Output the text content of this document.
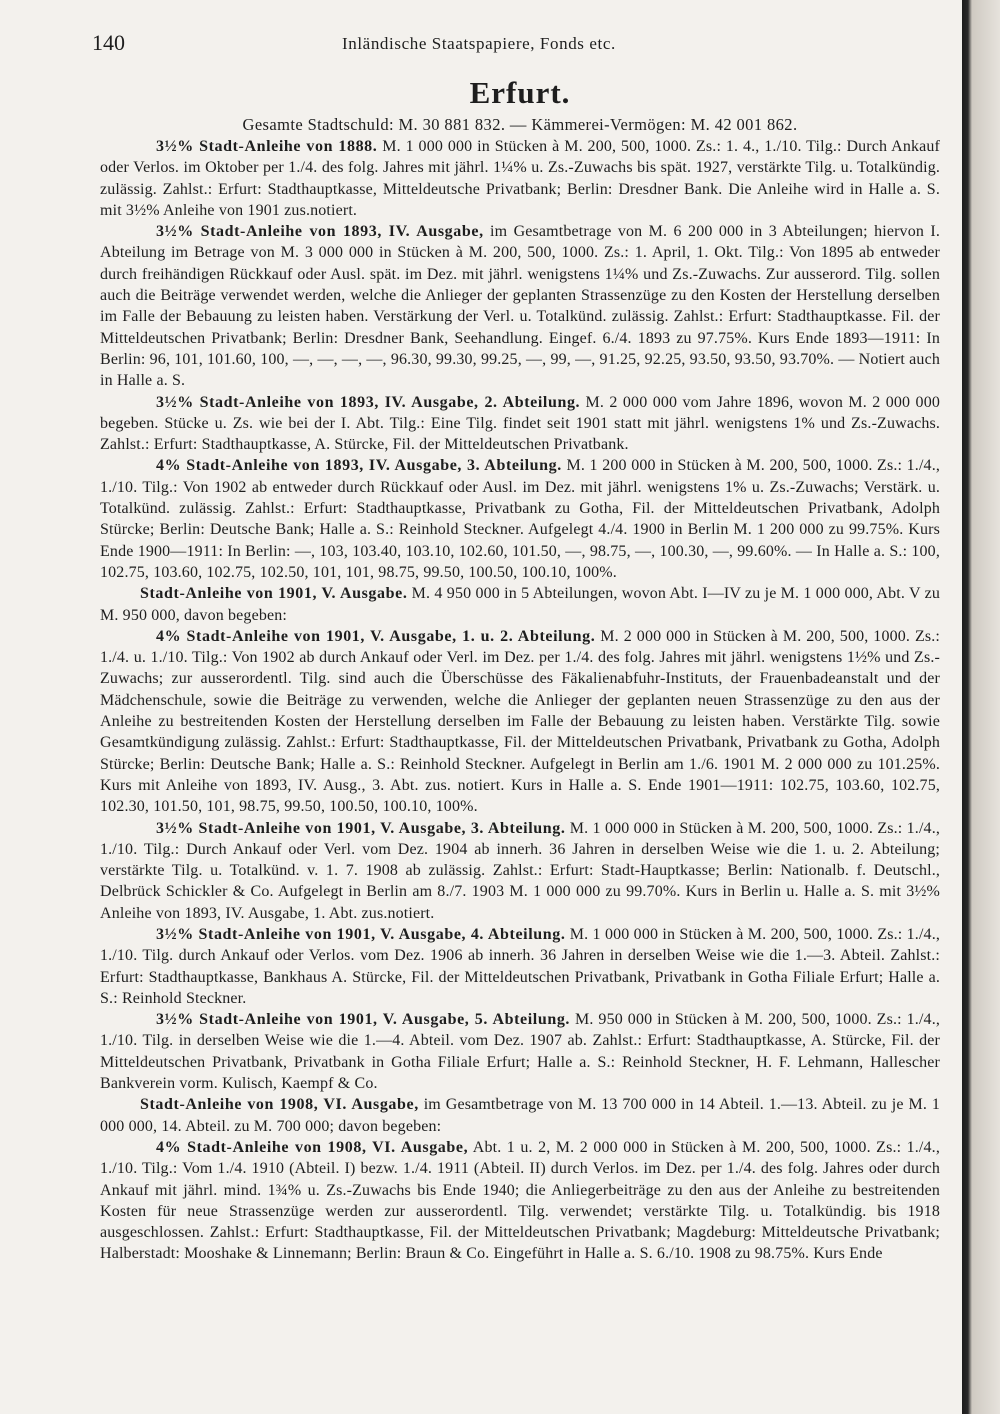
140	Inländische Staatspapiere, Fonds etc.
Erfurt.
Gesamte Stadtschuld: M. 30 881 832. — Kämmerei-Vermögen: M. 42 001 862.

3½% Stadt-Anleihe von 1888. M. 1 000 000 in Stücken à M. 200, 500, 1000. Zs.: 1. 4., 1./10. Tilg.: Durch Ankauf oder Verlos. im Oktober per 1./4. des folg. Jahres mit jährl. 1¼% u. Zs.-Zuwachs bis spät. 1927, verstärkte Tilg. u. Totalkündig. zulässig. Zahlst.: Erfurt: Stadthauptkasse, Mitteldeutsche Privatbank; Berlin: Dresdner Bank. Die Anleihe wird in Halle a. S. mit 3½% Anleihe von 1901 zus.notiert.

3½% Stadt-Anleihe von 1893, IV. Ausgabe, im Gesamtbetrage von M. 6 200 000 in 3 Abteilungen; hiervon I. Abteilung im Betrage von M. 3 000 000 in Stücken à M. 200, 500, 1000. Zs.: 1. April, 1. Okt. Tilg.: Von 1895 ab entweder durch freihändigen Rückkauf oder Ausl. spät. im Dez. mit jährl. wenigstens 1¼% und Zs.-Zuwachs. Zur ausserord. Tilg. sollen auch die Beiträge verwendet werden, welche die Anlieger der geplanten Strassenzüge zu den Kosten der Herstellung derselben im Falle der Bebauung zu leisten haben. Verstärkung der Verl. u. Totalkünd. zulässig. Zahlst.: Erfurt: Stadthauptkasse. Fil. der Mitteldeutschen Privatbank; Berlin: Dresdner Bank, Seehandlung. Eingef. 6./4. 1893 zu 97.75%. Kurs Ende 1893—1911: In Berlin: 96, 101, 101.60, 100, —, —, —, —, 96.30, 99.30, 99.25, —, 99, —, 91.25, 92.25, 93.50, 93.50, 93.70%. — Notiert auch in Halle a. S.

3½% Stadt-Anleihe von 1893, IV. Ausgabe, 2. Abteilung. M. 2 000 000 vom Jahre 1896, wovon M. 2 000 000 begeben. Stücke u. Zs. wie bei der I. Abt. Tilg.: Eine Tilg. findet seit 1901 statt mit jährl. wenigstens 1% und Zs.-Zuwachs. Zahlst.: Erfurt: Stadthauptkasse, A. Stürcke, Fil. der Mitteldeutschen Privatbank.

4% Stadt-Anleihe von 1893, IV. Ausgabe, 3. Abteilung. M. 1 200 000 in Stücken à M. 200, 500, 1000. Zs.: 1./4., 1./10. Tilg.: Von 1902 ab entweder durch Rückkauf oder Ausl. im Dez. mit jährl. wenigstens 1% u. Zs.-Zuwachs; Verstärk. u. Totalkünd. zulässig. Zahlst.: Erfurt: Stadthauptkasse, Privatbank zu Gotha, Fil. der Mitteldeutschen Privatbank, Adolph Stürcke; Berlin: Deutsche Bank; Halle a. S.: Reinhold Steckner. Aufgelegt 4./4. 1900 in Berlin M. 1 200 000 zu 99.75%. Kurs Ende 1900—1911: In Berlin: —, 103, 103.40, 103.10, 102.60, 101.50, —, 98.75, —, 100.30, —, 99.60%. — In Halle a. S.: 100, 102.75, 103.60, 102.75, 102.50, 101, 101, 98.75, 99.50, 100.50, 100.10, 100%.

Stadt-Anleihe von 1901, V. Ausgabe. M. 4 950 000 in 5 Abteilungen, wovon Abt. I—IV zu je M. 1 000 000, Abt. V zu M. 950 000, davon begeben:

4% Stadt-Anleihe von 1901, V. Ausgabe, 1. u. 2. Abteilung. M. 2 000 000 in Stücken à M. 200, 500, 1000. Zs.: 1./4. u. 1./10. Tilg.: Von 1902 ab durch Ankauf oder Verl. im Dez. per 1./4. des folg. Jahres mit jährl. wenigstens 1½% und Zs.-Zuwachs; zur ausserordentl. Tilg. sind auch die Überschüsse des Fäkalienabfuhr-Instituts, der Frauenbadeanstalt und der Mädchenschule, sowie die Beiträge zu verwenden, welche die Anlieger der geplanten neuen Strassenzüge zu den aus der Anleihe zu bestreitenden Kosten der Herstellung derselben im Falle der Bebauung zu leisten haben. Verstärkte Tilg. sowie Gesamtkündigung zulässig. Zahlst.: Erfurt: Stadthauptkasse, Fil. der Mitteldeutschen Privatbank, Privatbank zu Gotha, Adolph Stürcke; Berlin: Deutsche Bank; Halle a. S.: Reinhold Steckner. Aufgelegt in Berlin am 1./6. 1901 M. 2 000 000 zu 101.25%. Kurs mit Anleihe von 1893, IV. Ausg., 3. Abt. zus. notiert. Kurs in Halle a. S. Ende 1901—1911: 102.75, 103.60, 102.75, 102.30, 101.50, 101, 98.75, 99.50, 100.50, 100.10, 100%.

3½% Stadt-Anleihe von 1901, V. Ausgabe, 3. Abteilung. M. 1 000 000 in Stücken à M. 200, 500, 1000. Zs.: 1./4., 1./10. Tilg.: Durch Ankauf oder Verl. vom Dez. 1904 ab innerh. 36 Jahren in derselben Weise wie die 1. u. 2. Abteilung; verstärkte Tilg. u. Totalkünd. v. 1. 7. 1908 ab zulässig. Zahlst.: Erfurt: Stadt-Hauptkasse; Berlin: Nationalb. f. Deutschl., Delbrück Schickler & Co. Aufgelegt in Berlin am 8./7. 1903 M. 1 000 000 zu 99.70%. Kurs in Berlin u. Halle a. S. mit 3½% Anleihe von 1893, IV. Ausgabe, 1. Abt. zus.notiert.

3½% Stadt-Anleihe von 1901, V. Ausgabe, 4. Abteilung. M. 1 000 000 in Stücken à M. 200, 500, 1000. Zs.: 1./4., 1./10. Tilg. durch Ankauf oder Verlos. vom Dez. 1906 ab innerh. 36 Jahren in derselben Weise wie die 1.—3. Abteil. Zahlst.: Erfurt: Stadthauptkasse, Bankhaus A. Stürcke, Fil. der Mitteldeutschen Privatbank, Privatbank in Gotha Filiale Erfurt; Halle a. S.: Reinhold Steckner.

3½% Stadt-Anleihe von 1901, V. Ausgabe, 5. Abteilung. M. 950 000 in Stücken à M. 200, 500, 1000. Zs.: 1./4., 1./10. Tilg. in derselben Weise wie die 1.—4. Abteil. vom Dez. 1907 ab. Zahlst.: Erfurt: Stadthauptkasse, A. Stürcke, Fil. der Mitteldeutschen Privatbank, Privatbank in Gotha Filiale Erfurt; Halle a. S.: Reinhold Steckner, H. F. Lehmann, Hallescher Bankverein vorm. Kulisch, Kaempf & Co.

Stadt-Anleihe von 1908, VI. Ausgabe, im Gesamtbetrage von M. 13 700 000 in 14 Abteil. 1.—13. Abteil. zu je M. 1 000 000, 14. Abteil. zu M. 700 000; davon begeben:

4% Stadt-Anleihe von 1908, VI. Ausgabe, Abt. 1 u. 2, M. 2 000 000 in Stücken à M. 200, 500, 1000. Zs.: 1./4., 1./10. Tilg.: Vom 1./4. 1910 (Abteil. I) bezw. 1./4. 1911 (Abteil. II) durch Verlos. im Dez. per 1./4. des folg. Jahres oder durch Ankauf mit jährl. mind. 1¾% u. Zs.-Zuwachs bis Ende 1940; die Anliegerbeiträge zu den aus der Anleihe zu bestreitenden Kosten für neue Strassenzüge werden zur ausserordentl. Tilg. verwendet; verstärkte Tilg. u. Totalkündig. bis 1918 ausgeschlossen. Zahlst.: Erfurt: Stadthauptkasse, Fil. der Mitteldeutschen Privatbank; Magdeburg: Mitteldeutsche Privatbank; Halberstadt: Mooshake & Linnemann; Berlin: Braun & Co. Eingeführt in Halle a. S. 6./10. 1908 zu 98.75%. Kurs Ende
